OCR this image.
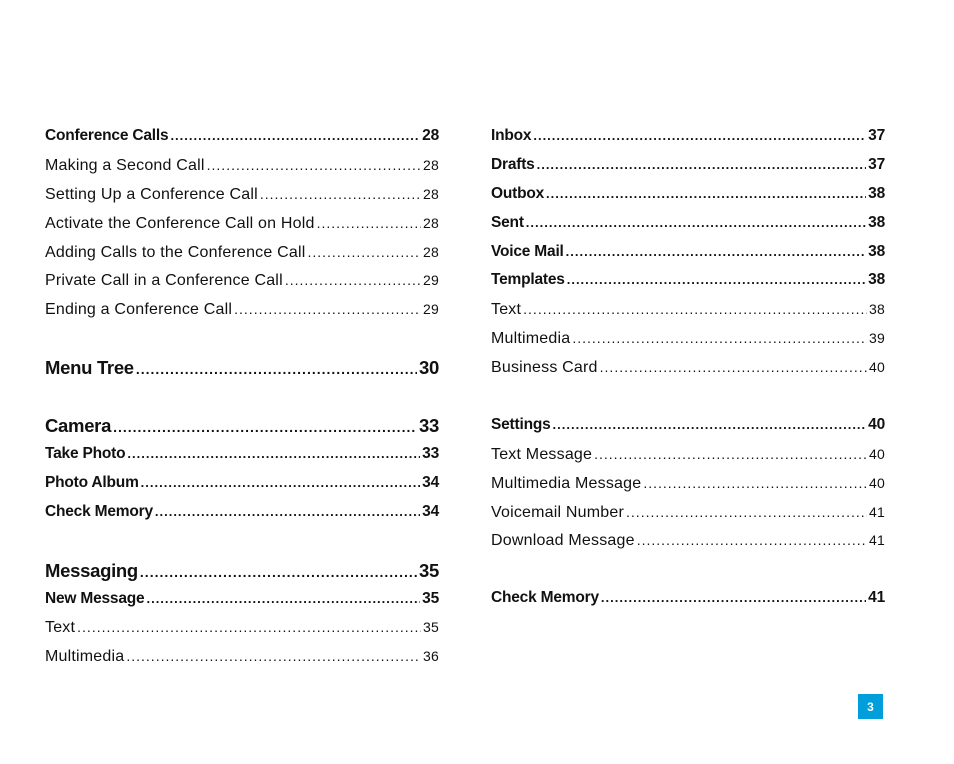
Conference Calls .....	28
Making a Second Call .....	28
Setting Up a Conference Call .....	28
Activate the Conference Call on Hold .....	28
Adding Calls to the Conference Call .....	28
Private Call in a Conference Call .....	29
Ending a Conference Call .....	29
Menu Tree .....	30
Camera .....	33
Take Photo .....	33
Photo Album .....	34
Check Memory .....	34
Messaging .....	35
New Message .....	35
Text .....	35
Multimedia .....	36
Inbox .....	37
Drafts .....	37
Outbox .....	38
Sent .....	38
Voice Mail .....	38
Templates .....	38
Text .....	38
Multimedia .....	39
Business Card .....	40
Settings .....	40
Text Message .....	40
Multimedia Message .....	40
Voicemail Number .....	41
Download Message .....	41
Check Memory .....	41
3
